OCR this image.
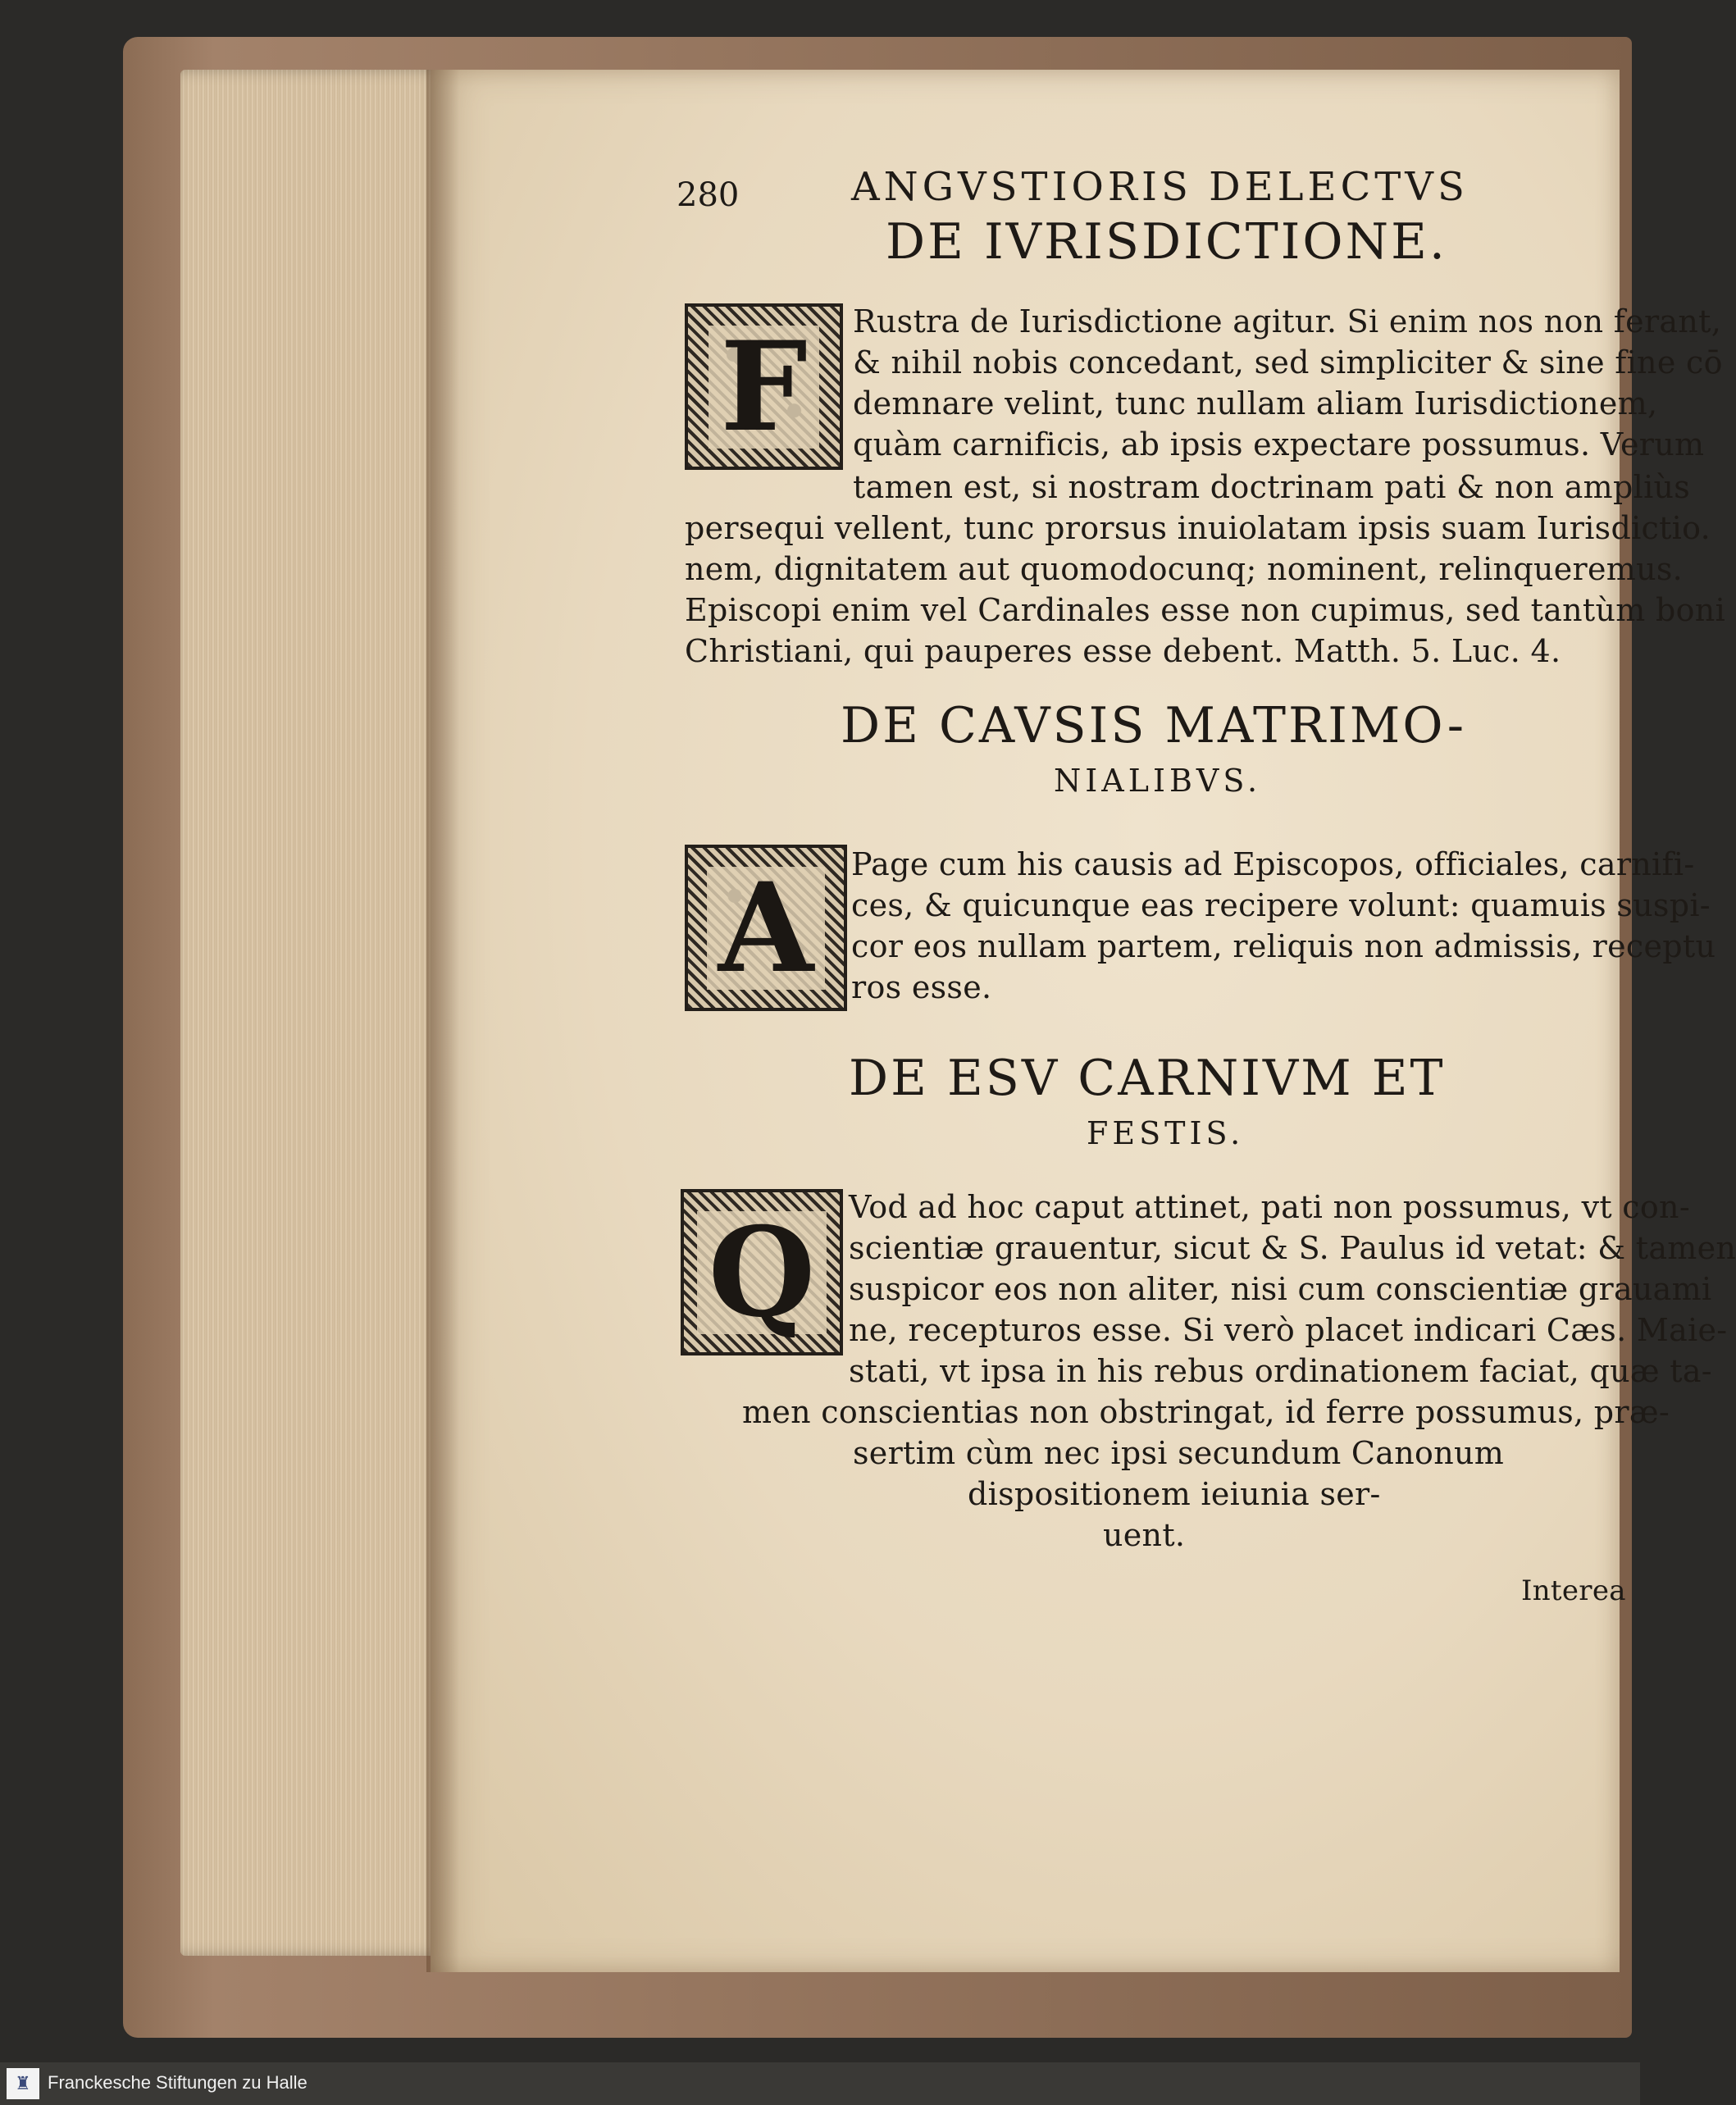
280	ANGVSTIORIS DELECTVS
DE IVRISDICTIONE.
F	Rustra de Iurisdictione agitur. Si enim nos non ferant,
& nihil nobis concedant, sed simpliciter & sine fine cō
demnare velint, tunc nullam aliam Iurisdictionem,
quàm carnificis, ab ipsis expectare possumus. Verum
tamen est, si nostram doctrinam pati & non ampliùs
persequi vellent, tunc prorsus inuiolatam ipsis suam Iurisdictio.
nem, dignitatem aut quomodocunq; nominent, relinqueremus.
Episcopi enim vel Cardinales esse non cupimus, sed tantùm boni
Christiani, qui pauperes esse debent. Matth. 5. Luc. 4.
DE CAVSIS MATRIMO-
NIALIBVS.
A	Page cum his causis ad Episcopos, officiales, carnifi-
ces, & quicunque eas recipere volunt: quamuis suspi-
cor eos nullam partem, reliquis non admissis, receptu
ros esse.
DE ESV CARNIVM ET
FESTIS.
Q	Vod ad hoc caput attinet, pati non possumus, vt con-
scientiæ grauentur, sicut & S. Paulus id vetat: & tamen
suspicor eos non aliter, nisi cum conscientiæ grauami
ne, recepturos esse. Si verò placet indicari Cæs. Maie-
stati, vt ipsa in his rebus ordinationem faciat, quæ ta-
men conscientias non obstringat, id ferre possumus, præ-
sertim cùm nec ipsi secundum Canonum
dispositionem ieiunia ser-
uent.
Interea
♜ Franckesche Stiftungen zu Halle
